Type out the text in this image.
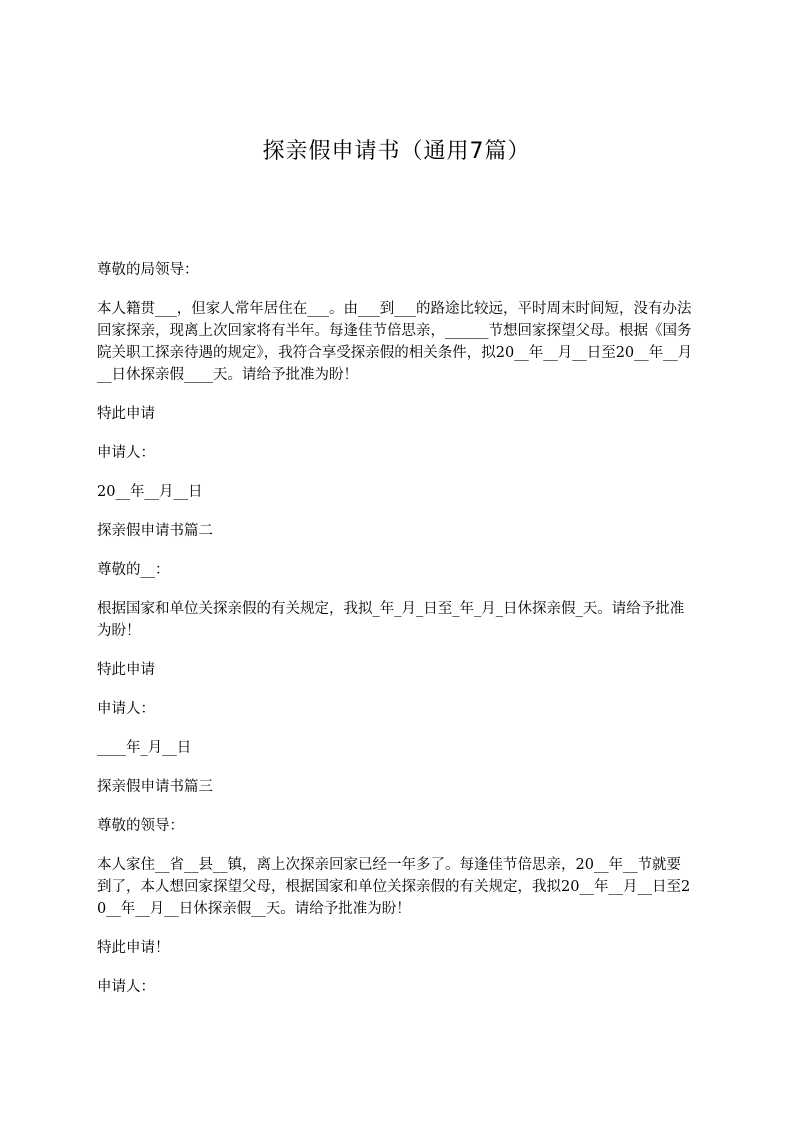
探亲假申请书（通用7篇）

尊敬的局领导：

本人籍贯___，但家人常年居住在___。由___到___的路途比较远，平时周末时间短，没有办法回家探亲，现离上次回家将有半年。每逢佳节倍思亲，______节想回家探望父母。根据《国务院关职工探亲待遇的规定》，我符合享受探亲假的相关条件，拟20__年__月__日至20__年__月__日休探亲假____天。请给予批准为盼！

特此申请

申请人：

20__年__月__日

探亲假申请书篇二

尊敬的__：

根据国家和单位关探亲假的有关规定，我拟_年_月_日至_年_月_日休探亲假_天。请给予批准为盼！

特此申请

申请人：

____年_月__日

探亲假申请书篇三

尊敬的领导：

本人家住__省__县__镇，离上次探亲回家已经一年多了。每逢佳节倍思亲，20__年__节就要到了，本人想回家探望父母，根据国家和单位关探亲假的有关规定，我拟20__年__月__日至20__年__月__日休探亲假__天。请给予批准为盼！

特此申请！

申请人：
